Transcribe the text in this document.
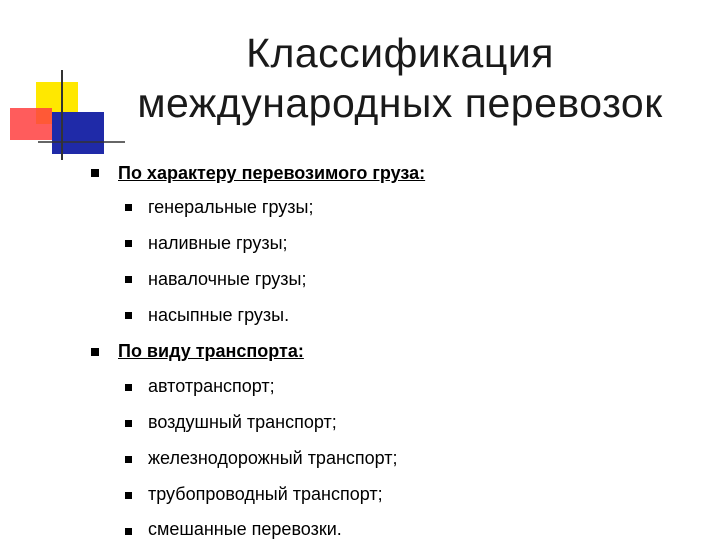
Классификация
международных перевозок
По характеру перевозимого груза:
генеральные грузы;
наливные грузы;
навалочные грузы;
насыпные грузы.
По виду транспорта:
автотранспорт;
воздушный транспорт;
железнодорожный транспорт;
трубопроводный транспорт;
смешанные перевозки.
